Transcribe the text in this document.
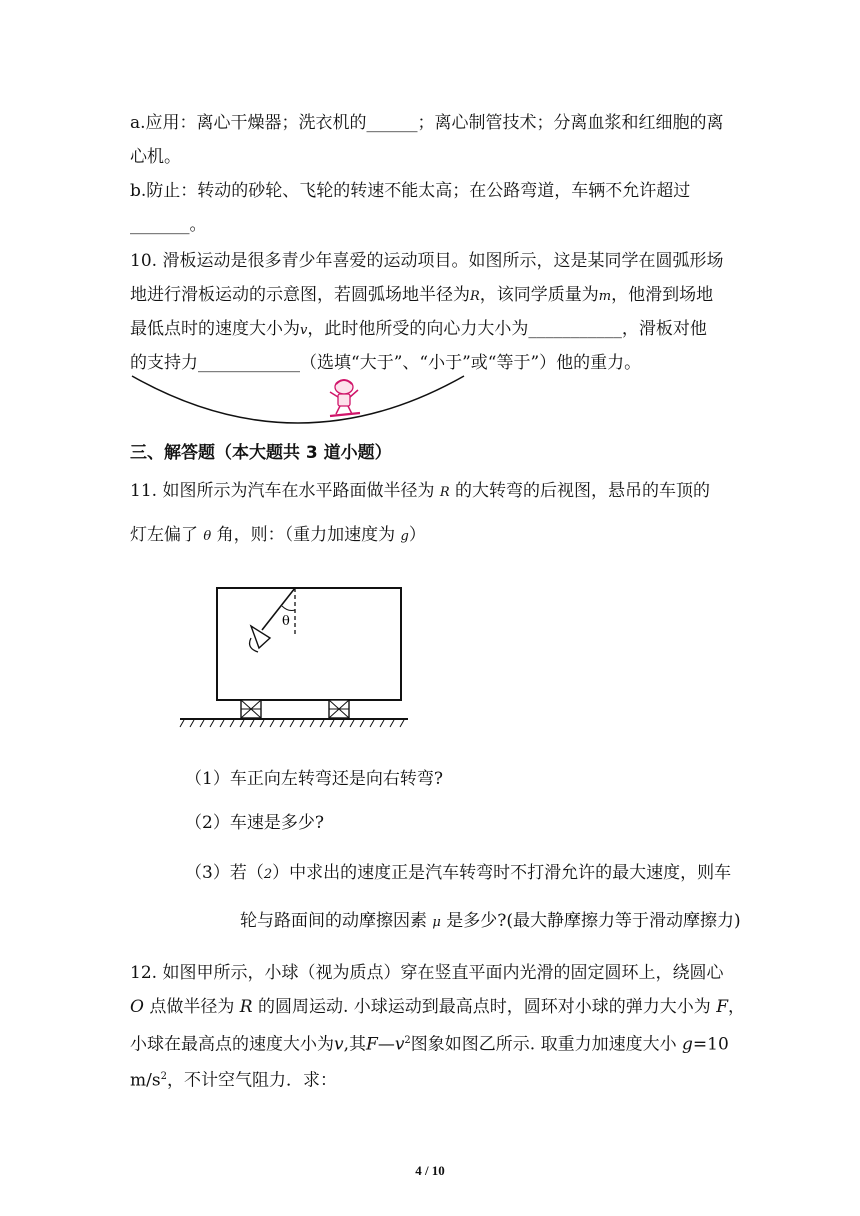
a.应用：离心干燥器；洗衣机的______；离心制管技术；分离血浆和红细胞的离
心机。
b.防止：转动的砂轮、飞轮的转速不能太高；在公路弯道，车辆不允许超过
_______。
10. 滑板运动是很多青少年喜爱的运动项目。如图所示，这是某同学在圆弧形场
地进行滑板运动的示意图，若圆弧场地半径为R，该同学质量为m，他滑到场地
最低点时的速度大小为v，此时他所受的向心力大小为___________，滑板对他
的支持力____________（选填“大于”、“小于”或“等于”）他的重力。
三、解答题（本大题共 3 道小题）
11. 如图所示为汽车在水平路面做半径为 R 的大转弯的后视图，悬吊的车顶的
灯左偏了 θ 角，则：（重力加速度为 g）
θ
（1）车正向左转弯还是向右转弯?
（2）车速是多少?
（3）若（2）中求出的速度正是汽车转弯时不打滑允许的最大速度，则车
轮与路面间的动摩擦因素 μ 是多少?(最大静摩擦力等于滑动摩擦力)
12. 如图甲所示，小球（视为质点）穿在竖直平面内光滑的固定圆环上，绕圆心
O 点做半径为 R 的圆周运动. 小球运动到最高点时，圆环对小球的弹力大小为 F，
小球在最高点的速度大小为v,其$F—v^2$图象如图乙所示. 取重力加速度大小 g=10
$m/s^2$，不计空气阻力．求：
4 / 10
